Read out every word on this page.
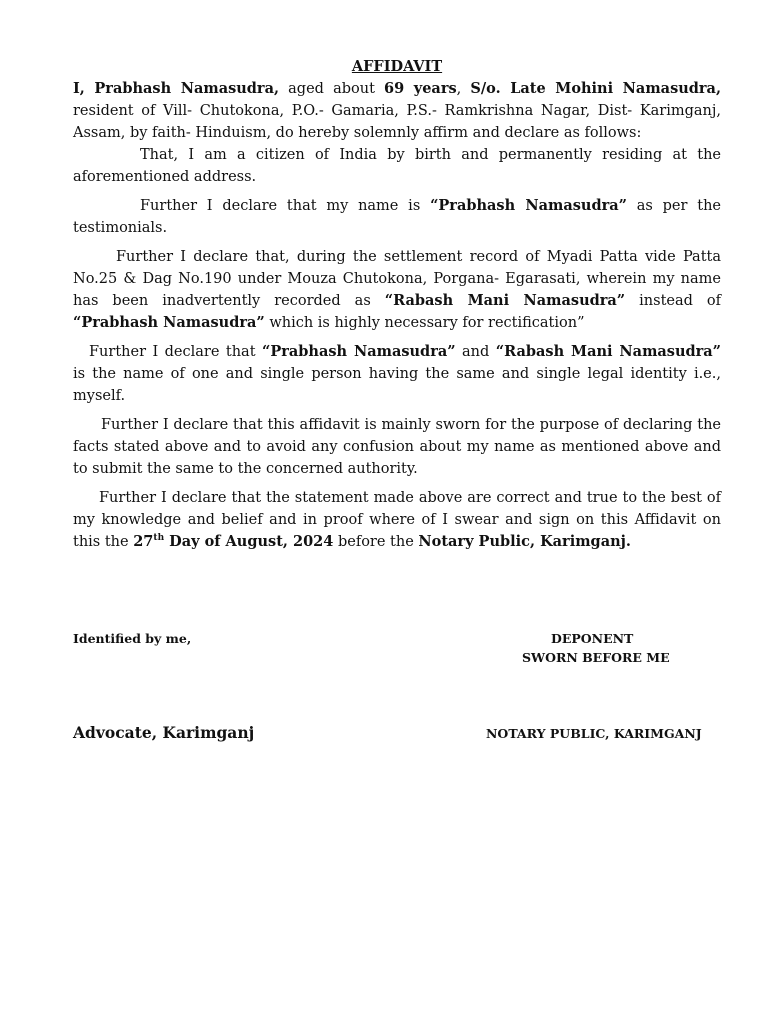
AFFIDAVIT

I, Prabhash Namasudra, aged about 69 years, S/o. Late Mohini Namasudra, resident of Vill- Chutokona, P.O.- Gamaria, P.S.- Ramkrishna Nagar, Dist- Karimganj, Assam, by faith- Hinduism, do hereby solemnly affirm and declare as follows:

That, I am a citizen of India by birth and permanently residing at the aforementioned address.

Further I declare that my name is “Prabhash Namasudra” as per the testimonials.

Further I declare that, during the settlement record of Myadi Patta vide Patta No.25 & Dag No.190 under Mouza Chutokona, Porgana- Egarasati, wherein my name has been inadvertently recorded as “Rabash Mani Namasudra” instead of “Prabhash Namasudra” which is highly necessary for rectification”

Further I declare that “Prabhash Namasudra” and “Rabash Mani Namasudra” is the name of one and single person having the same and single legal identity i.e., myself.

Further I declare that this affidavit is mainly sworn for the purpose of declaring the facts stated above and to avoid any confusion about my name as mentioned above and to submit the same to the concerned authority.

Further I declare that the statement made above are correct and true to the best of my knowledge and belief and in proof where of I swear and sign on this Affidavit on this the 27th Day of August, 2024 before the Notary Public, Karimganj.

Identified by me,	DEPONENT
SWORN BEFORE ME
Advocate, Karimganj	NOTARY PUBLIC, KARIMGANJ
